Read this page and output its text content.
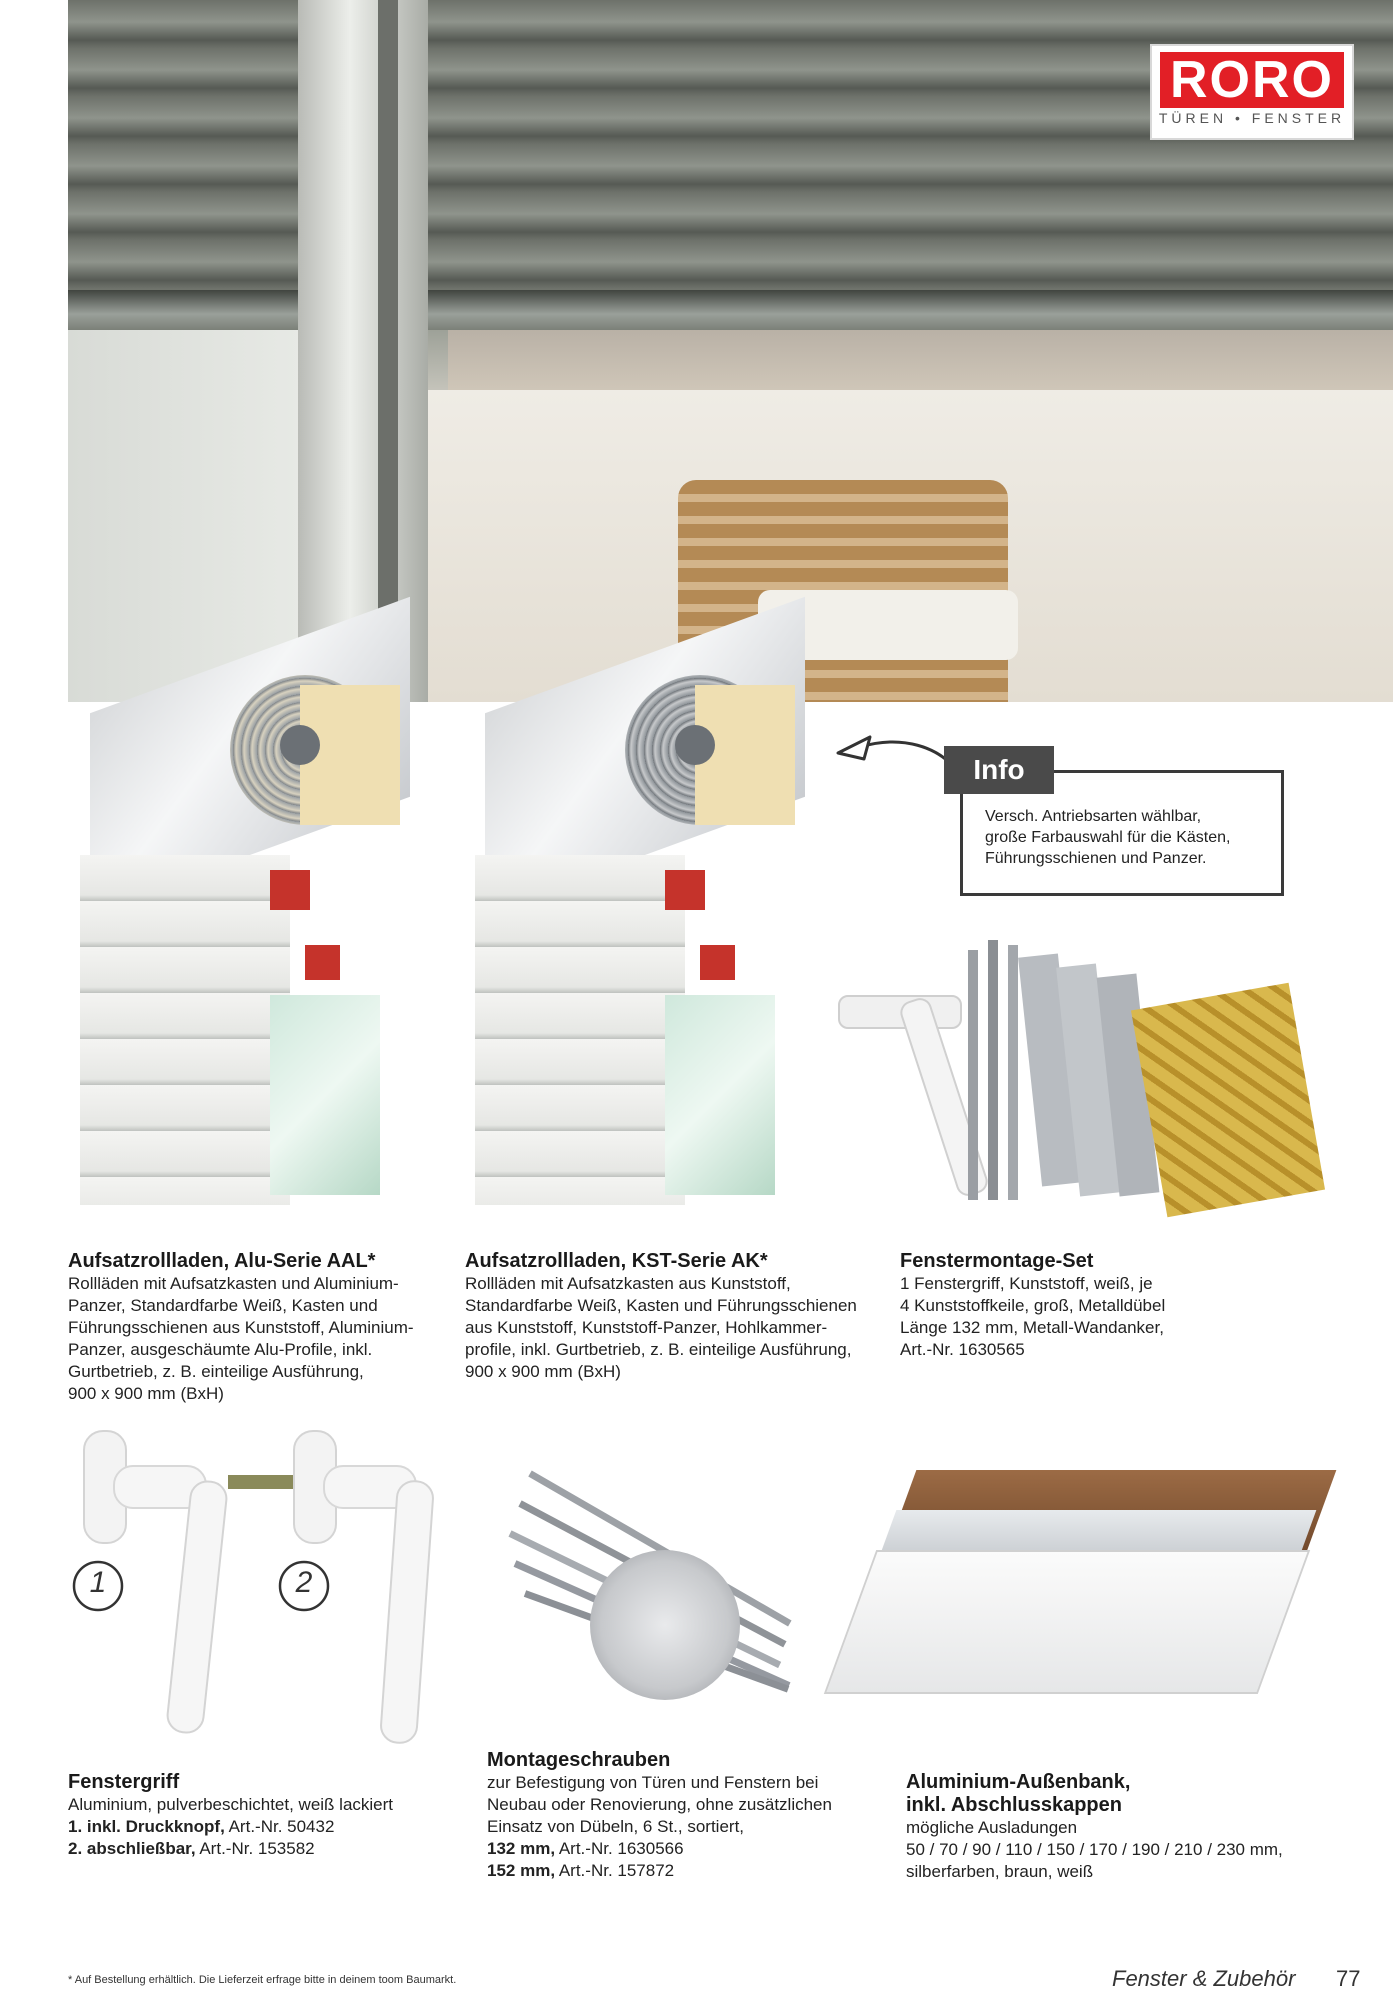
RORO
TÜREN • FENSTER
Info
Versch. Antriebsarten wählbar,
große Farbauswahl für die Kästen,
Führungsschienen und Panzer.
Aufsatzrollladen, Alu-Serie AAL*
Rollläden mit Aufsatzkasten und Aluminium-
Panzer, Standardfarbe Weiß, Kasten und
Führungsschienen aus Kunststoff, Aluminium-
Panzer, ausgeschäumte Alu-Profile, inkl.
Gurtbetrieb, z. B. einteilige Ausführung,
900 x 900 mm (BxH)
Aufsatzrollladen, KST-Serie AK*
Rollläden mit Aufsatzkasten aus Kunststoff,
Standardfarbe Weiß, Kasten und Führungsschienen
aus Kunststoff, Kunststoff-Panzer, Hohlkammer-
profile, inkl. Gurtbetrieb, z. B. einteilige Ausführung,
900 x 900 mm (BxH)
Fenstermontage-Set
1 Fenstergriff, Kunststoff, weiß, je
4 Kunststoffkeile, groß, Metalldübel
Länge 132 mm, Metall-Wandanker,
Art.-Nr. 1630565
1	2
Fenstergriff
Aluminium, pulverbeschichtet, weiß lackiert
1. inkl. Druckknopf, Art.-Nr. 50432
2. abschließbar, Art.-Nr. 153582
Montageschrauben
zur Befestigung von Türen und Fenstern bei
Neubau oder Renovierung, ohne zusätzlichen
Einsatz von Dübeln, 6 St., sortiert,
132 mm, Art.-Nr. 1630566
152 mm, Art.-Nr. 157872
Aluminium-Außenbank,
inkl. Abschlusskappen
mögliche Ausladungen
50 / 70 / 90 / 110 / 150 / 170 / 190 / 210 / 230 mm,
silberfarben, braun, weiß
* Auf Bestellung erhältlich. Die Lieferzeit erfrage bitte in deinem toom Baumarkt.	Fenster & Zubehör 77
